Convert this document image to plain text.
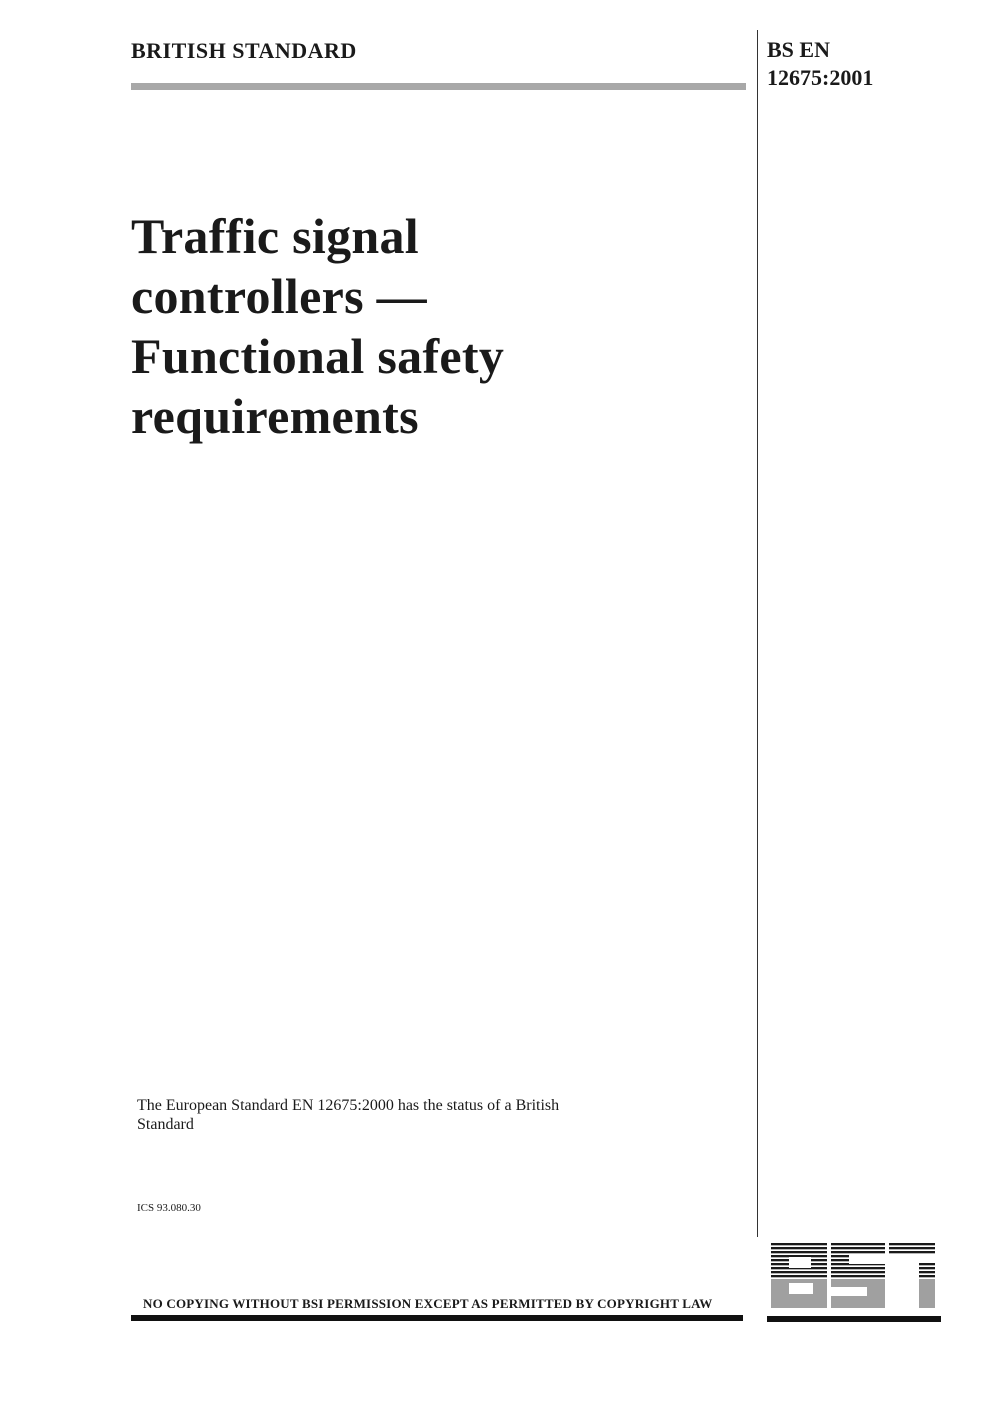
BRITISH STANDARD	BS EN
12675:2001
Traffic signal
controllers —
Functional safety
requirements
The European Standard EN 12675:2000 has the status of a British Standard
ICS 93.080.30
NO COPYING WITHOUT BSI PERMISSION EXCEPT AS PERMITTED BY COPYRIGHT LAW
